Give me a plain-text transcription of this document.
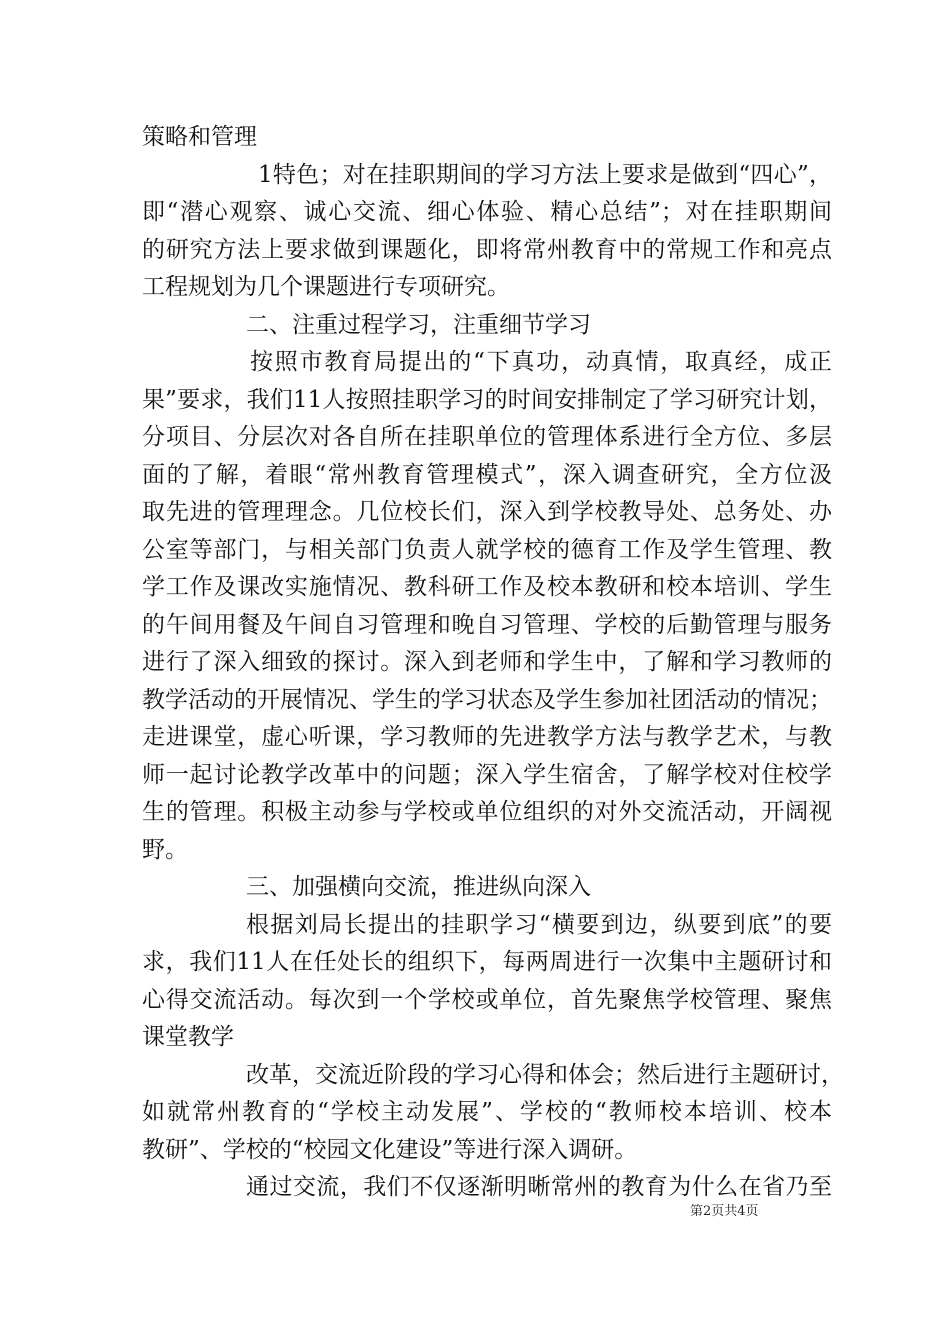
策略和管理
1特色；对在挂职期间的学习方法上要求是做到“四心”，
即“潜心观察、诚心交流、细心体验、精心总结”；对在挂职期间
的研究方法上要求做到课题化，即将常州教育中的常规工作和亮点
工程规划为几个课题进行专项研究。
二、注重过程学习，注重细节学习
按照市教育局提出的“下真功，动真情，取真经，成正
果”要求，我们11人按照挂职学习的时间安排制定了学习研究计划，
分项目、分层次对各自所在挂职单位的管理体系进行全方位、多层
面的了解，着眼“常州教育管理模式”，深入调查研究，全方位汲
取先进的管理理念。几位校长们，深入到学校教导处、总务处、办
公室等部门，与相关部门负责人就学校的德育工作及学生管理、教
学工作及课改实施情况、教科研工作及校本教研和校本培训、学生
的午间用餐及午间自习管理和晚自习管理、学校的后勤管理与服务
进行了深入细致的探讨。深入到老师和学生中，了解和学习教师的
教学活动的开展情况、学生的学习状态及学生参加社团活动的情况；
走进课堂，虚心听课，学习教师的先进教学方法与教学艺术，与教
师一起讨论教学改革中的问题；深入学生宿舍，了解学校对住校学
生的管理。积极主动参与学校或单位组织的对外交流活动，开阔视
野。
三、加强横向交流，推进纵向深入
根据刘局长提出的挂职学习“横要到边，纵要到底”的要
求，我们11人在任处长的组织下，每两周进行一次集中主题研讨和
心得交流活动。每次到一个学校或单位，首先聚焦学校管理、聚焦
课堂教学
改革，交流近阶段的学习心得和体会；然后进行主题研讨，
如就常州教育的“学校主动发展”、学校的“教师校本培训、校本
教研”、学校的“校园文化建设”等进行深入调研。
通过交流，我们不仅逐渐明晰常州的教育为什么在省乃至
第2页共4页
